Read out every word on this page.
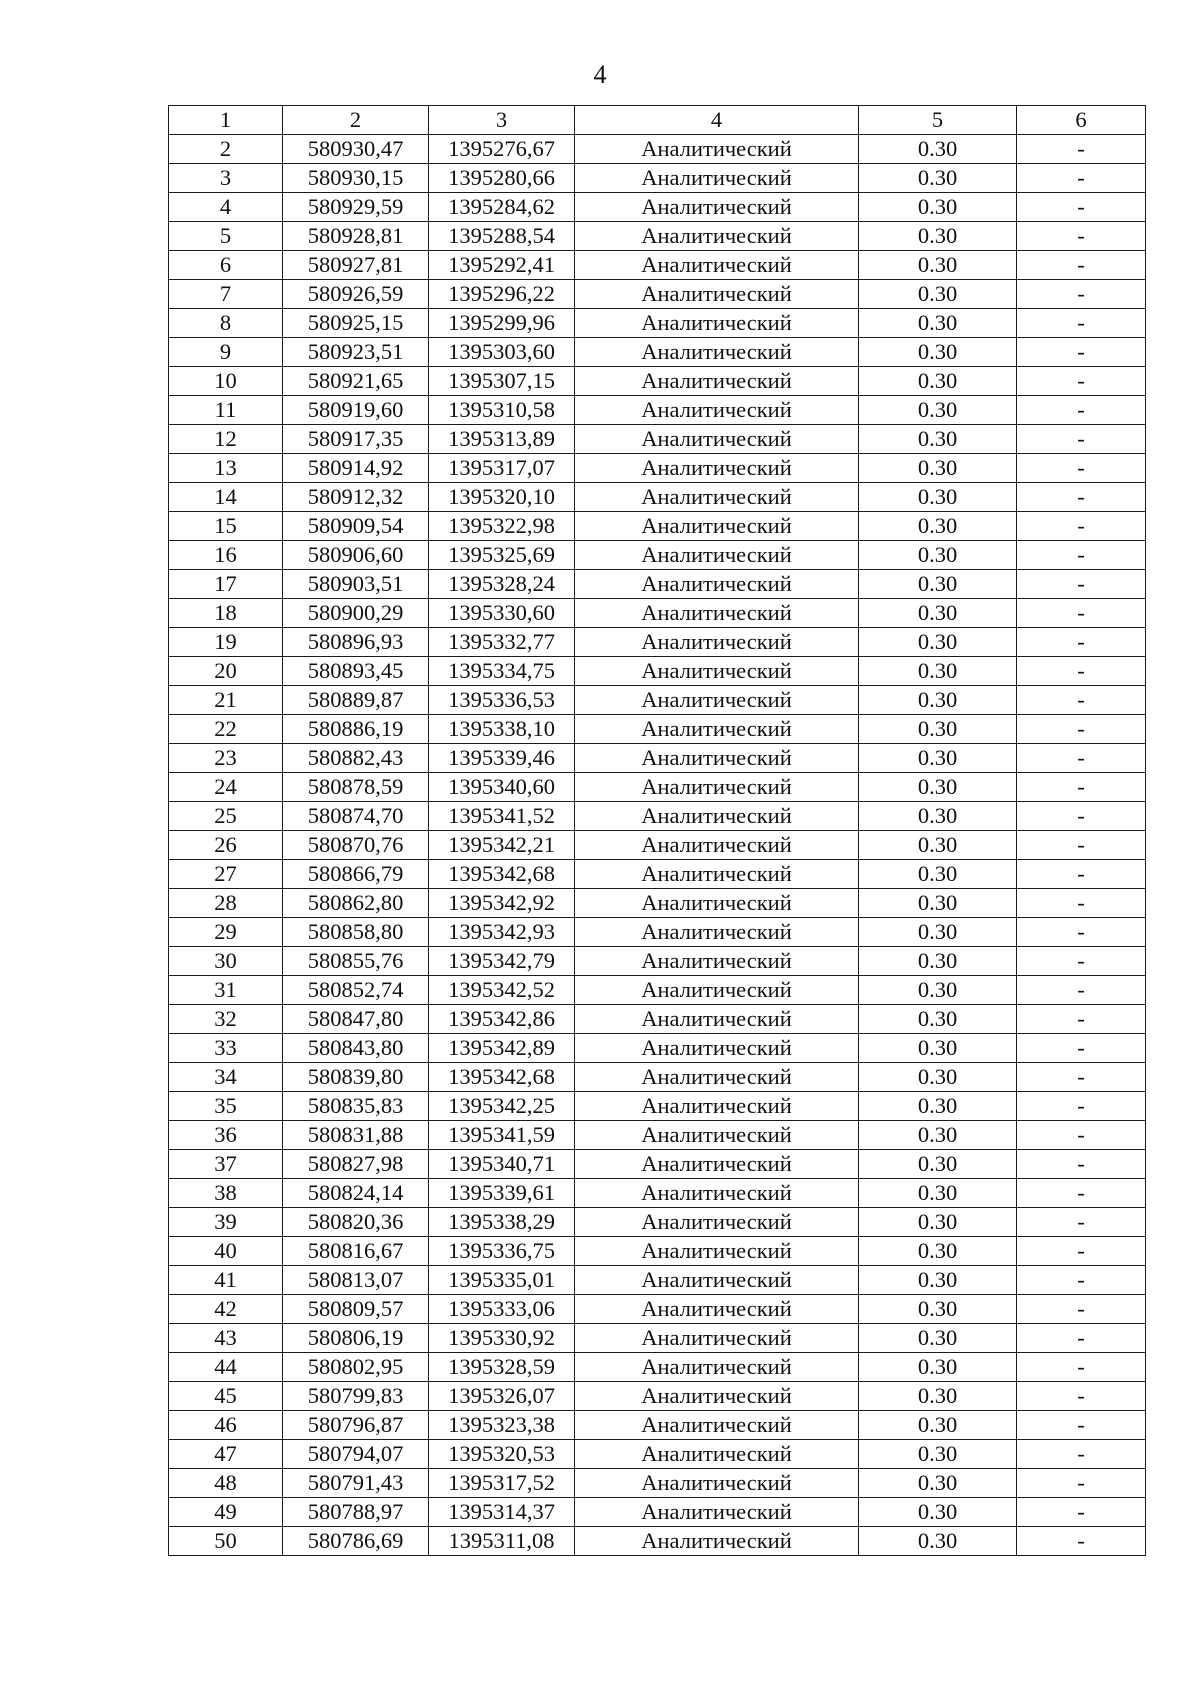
4
1	2	3	4	5	6
2	580930,47	1395276,67	Аналитический	0.30	-
3	580930,15	1395280,66	Аналитический	0.30	-
4	580929,59	1395284,62	Аналитический	0.30	-
5	580928,81	1395288,54	Аналитический	0.30	-
6	580927,81	1395292,41	Аналитический	0.30	-
7	580926,59	1395296,22	Аналитический	0.30	-
8	580925,15	1395299,96	Аналитический	0.30	-
9	580923,51	1395303,60	Аналитический	0.30	-
10	580921,65	1395307,15	Аналитический	0.30	-
11	580919,60	1395310,58	Аналитический	0.30	-
12	580917,35	1395313,89	Аналитический	0.30	-
13	580914,92	1395317,07	Аналитический	0.30	-
14	580912,32	1395320,10	Аналитический	0.30	-
15	580909,54	1395322,98	Аналитический	0.30	-
16	580906,60	1395325,69	Аналитический	0.30	-
17	580903,51	1395328,24	Аналитический	0.30	-
18	580900,29	1395330,60	Аналитический	0.30	-
19	580896,93	1395332,77	Аналитический	0.30	-
20	580893,45	1395334,75	Аналитический	0.30	-
21	580889,87	1395336,53	Аналитический	0.30	-
22	580886,19	1395338,10	Аналитический	0.30	-
23	580882,43	1395339,46	Аналитический	0.30	-
24	580878,59	1395340,60	Аналитический	0.30	-
25	580874,70	1395341,52	Аналитический	0.30	-
26	580870,76	1395342,21	Аналитический	0.30	-
27	580866,79	1395342,68	Аналитический	0.30	-
28	580862,80	1395342,92	Аналитический	0.30	-
29	580858,80	1395342,93	Аналитический	0.30	-
30	580855,76	1395342,79	Аналитический	0.30	-
31	580852,74	1395342,52	Аналитический	0.30	-
32	580847,80	1395342,86	Аналитический	0.30	-
33	580843,80	1395342,89	Аналитический	0.30	-
34	580839,80	1395342,68	Аналитический	0.30	-
35	580835,83	1395342,25	Аналитический	0.30	-
36	580831,88	1395341,59	Аналитический	0.30	-
37	580827,98	1395340,71	Аналитический	0.30	-
38	580824,14	1395339,61	Аналитический	0.30	-
39	580820,36	1395338,29	Аналитический	0.30	-
40	580816,67	1395336,75	Аналитический	0.30	-
41	580813,07	1395335,01	Аналитический	0.30	-
42	580809,57	1395333,06	Аналитический	0.30	-
43	580806,19	1395330,92	Аналитический	0.30	-
44	580802,95	1395328,59	Аналитический	0.30	-
45	580799,83	1395326,07	Аналитический	0.30	-
46	580796,87	1395323,38	Аналитический	0.30	-
47	580794,07	1395320,53	Аналитический	0.30	-
48	580791,43	1395317,52	Аналитический	0.30	-
49	580788,97	1395314,37	Аналитический	0.30	-
50	580786,69	1395311,08	Аналитический	0.30	-
